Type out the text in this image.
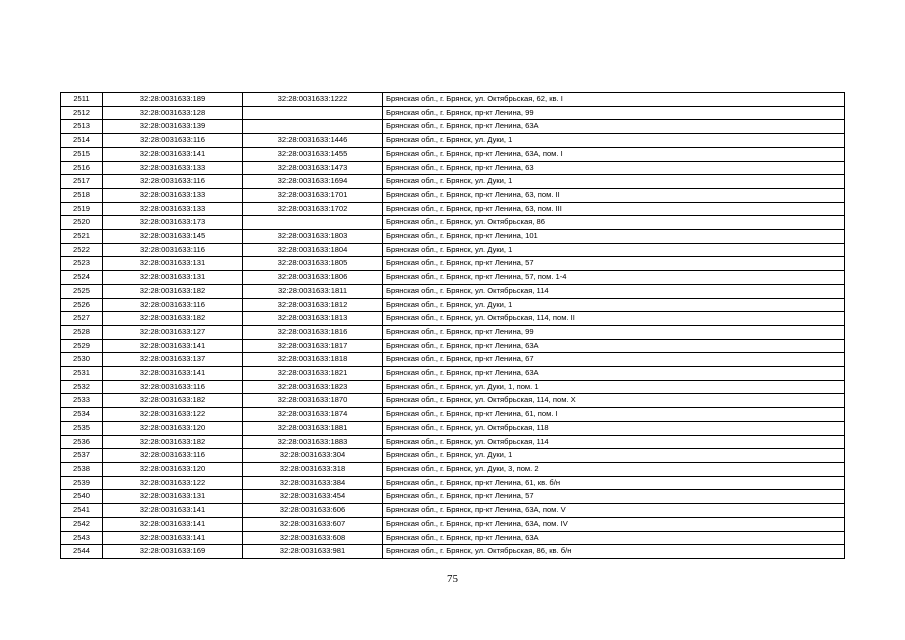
2511	32:28:0031633:189	32:28:0031633:1222	Брянская обл., г. Брянск, ул. Октябрьская, 62, кв. I
2512	32:28:0031633:128		Брянская обл., г. Брянск, пр-кт Ленина, 99
2513	32:28:0031633:139		Брянская обл., г. Брянск, пр-кт Ленина, 63А
2514	32:28:0031633:116	32:28:0031633:1446	Брянская обл., г. Брянск, ул. Дуки, 1
2515	32:28:0031633:141	32:28:0031633:1455	Брянская обл., г. Брянск, пр-кт Ленина, 63А, пом. I
2516	32:28:0031633:133	32:28:0031633:1473	Брянская обл., г. Брянск, пр-кт Ленина, 63
2517	32:28:0031633:116	32:28:0031633:1694	Брянская обл., г. Брянск, ул. Дуки, 1
2518	32:28:0031633:133	32:28:0031633:1701	Брянская обл., г. Брянск, пр-кт Ленина, 63, пом. II
2519	32:28:0031633:133	32:28:0031633:1702	Брянская обл., г. Брянск, пр-кт Ленина, 63, пом. III
2520	32:28:0031633:173		Брянская обл., г. Брянск, ул. Октябрьская, 86
2521	32:28:0031633:145	32:28:0031633:1803	Брянская обл., г. Брянск, пр-кт Ленина, 101
2522	32:28:0031633:116	32:28:0031633:1804	Брянская обл., г. Брянск, ул. Дуки, 1
2523	32:28:0031633:131	32:28:0031633:1805	Брянская обл., г. Брянск, пр-кт Ленина, 57
2524	32:28:0031633:131	32:28:0031633:1806	Брянская обл., г. Брянск, пр-кт Ленина, 57, пом. 1-4
2525	32:28:0031633:182	32:28:0031633:1811	Брянская обл., г. Брянск, ул. Октябрьская, 114
2526	32:28:0031633:116	32:28:0031633:1812	Брянская обл., г. Брянск, ул. Дуки, 1
2527	32:28:0031633:182	32:28:0031633:1813	Брянская обл., г. Брянск, ул. Октябрьская, 114, пом. II
2528	32:28:0031633:127	32:28:0031633:1816	Брянская обл., г. Брянск, пр-кт Ленина, 99
2529	32:28:0031633:141	32:28:0031633:1817	Брянская обл., г. Брянск, пр-кт Ленина, 63А
2530	32:28:0031633:137	32:28:0031633:1818	Брянская обл., г. Брянск, пр-кт Ленина, 67
2531	32:28:0031633:141	32:28:0031633:1821	Брянская обл., г. Брянск, пр-кт Ленина, 63А
2532	32:28:0031633:116	32:28:0031633:1823	Брянская обл., г. Брянск, ул. Дуки, 1, пом. 1
2533	32:28:0031633:182	32:28:0031633:1870	Брянская обл., г. Брянск, ул. Октябрьская, 114, пом. X
2534	32:28:0031633:122	32:28:0031633:1874	Брянская обл., г. Брянск, пр-кт Ленина, 61, пом. I
2535	32:28:0031633:120	32:28:0031633:1881	Брянская обл., г. Брянск, ул. Октябрьская, 118
2536	32:28:0031633:182	32:28:0031633:1883	Брянская обл., г. Брянск, ул. Октябрьская, 114
2537	32:28:0031633:116	32:28:0031633:304	Брянская обл., г. Брянск, ул. Дуки, 1
2538	32:28:0031633:120	32:28:0031633:318	Брянская обл., г. Брянск, ул. Дуки, 3, пом. 2
2539	32:28:0031633:122	32:28:0031633:384	Брянская обл., г. Брянск, пр-кт Ленина, 61, кв. б/н
2540	32:28:0031633:131	32:28:0031633:454	Брянская обл., г. Брянск, пр-кт Ленина, 57
2541	32:28:0031633:141	32:28:0031633:606	Брянская обл., г. Брянск, пр-кт Ленина, 63А, пом. V
2542	32:28:0031633:141	32:28:0031633:607	Брянская обл., г. Брянск, пр-кт Ленина, 63А, пом. IV
2543	32:28:0031633:141	32:28:0031633:608	Брянская обл., г. Брянск, пр-кт Ленина, 63А
2544	32:28:0031633:169	32:28:0031633:981	Брянская обл., г. Брянск, ул. Октябрьская, 86, кв. б/н
75
